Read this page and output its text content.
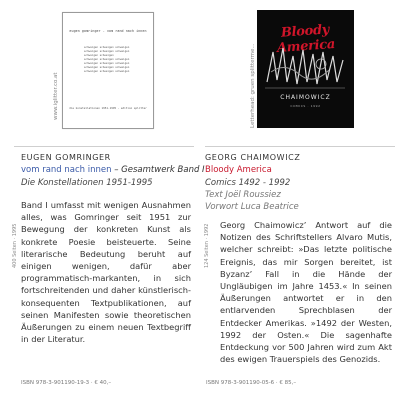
eugen gomringer - vom rand nach innen
schweigen schweigen schweigen
schweigen schweigen schweigen
schweigen schweigen
schweigen schweigen schweigen
schweigen schweigen schweigen
schweigen schweigen schweigen
schweigen schweigen schweigen
die konstellationen 1951-1995 · edition splitter
www.iglitter.co.at
EUGEN GOMRINGER
vom rand nach innen – Gesamtwerk Band I
Die Konstellationen 1951-1995
400 Seiten · 1995
Band I umfasst mit wenigen Ausnahmen alles, was Gomringer seit 1951 zur Bewegung der konkreten Kunst als konkrete Poesie beisteuerte. Seine literarische Bedeutung beruht auf einigen wenigen, dafür aber programmatisch-markanten, in sich fortschreitenden und daher künstlerisch-konsequenten Textpublikationen, auf seinen Manifesten sowie theoretischen Äußerungen zu einem neuen Textbegriff in der Literatur.
ISBN 978-3-901190-19-3 · € 40,–
Bloody America
CHAIMOWICZ
COMICS · 1992
Letterhead: gruen splitterme...
GEORG CHAIMOWICZ
Bloody America
Comics 1492 - 1992
Text Joël Roussiez
Vorwort Luca Beatrice
124 Seiten · 1992 Georg Chaimowicz’ Antwort auf die Notizen des Schriftstellers Alvaro Mutis, welcher schreibt: »Das letzte politische Ereignis, das mir Sorgen bereitet, ist Byzanz’ Fall in die Hände der Ungläubigen im Jahre 1453.« In seinen Äußerungen antwortet er in den entlarvenden Sprechblasen der Entdecker Amerikas. »1492 der Westen, 1992 der Osten.« Die sagenhafte Entdeckung vor 500 Jahren wird zum Akt des ewigen Trauerspiels des Genozids.
ISBN 978-3-901190-05-6 · € 85,–
